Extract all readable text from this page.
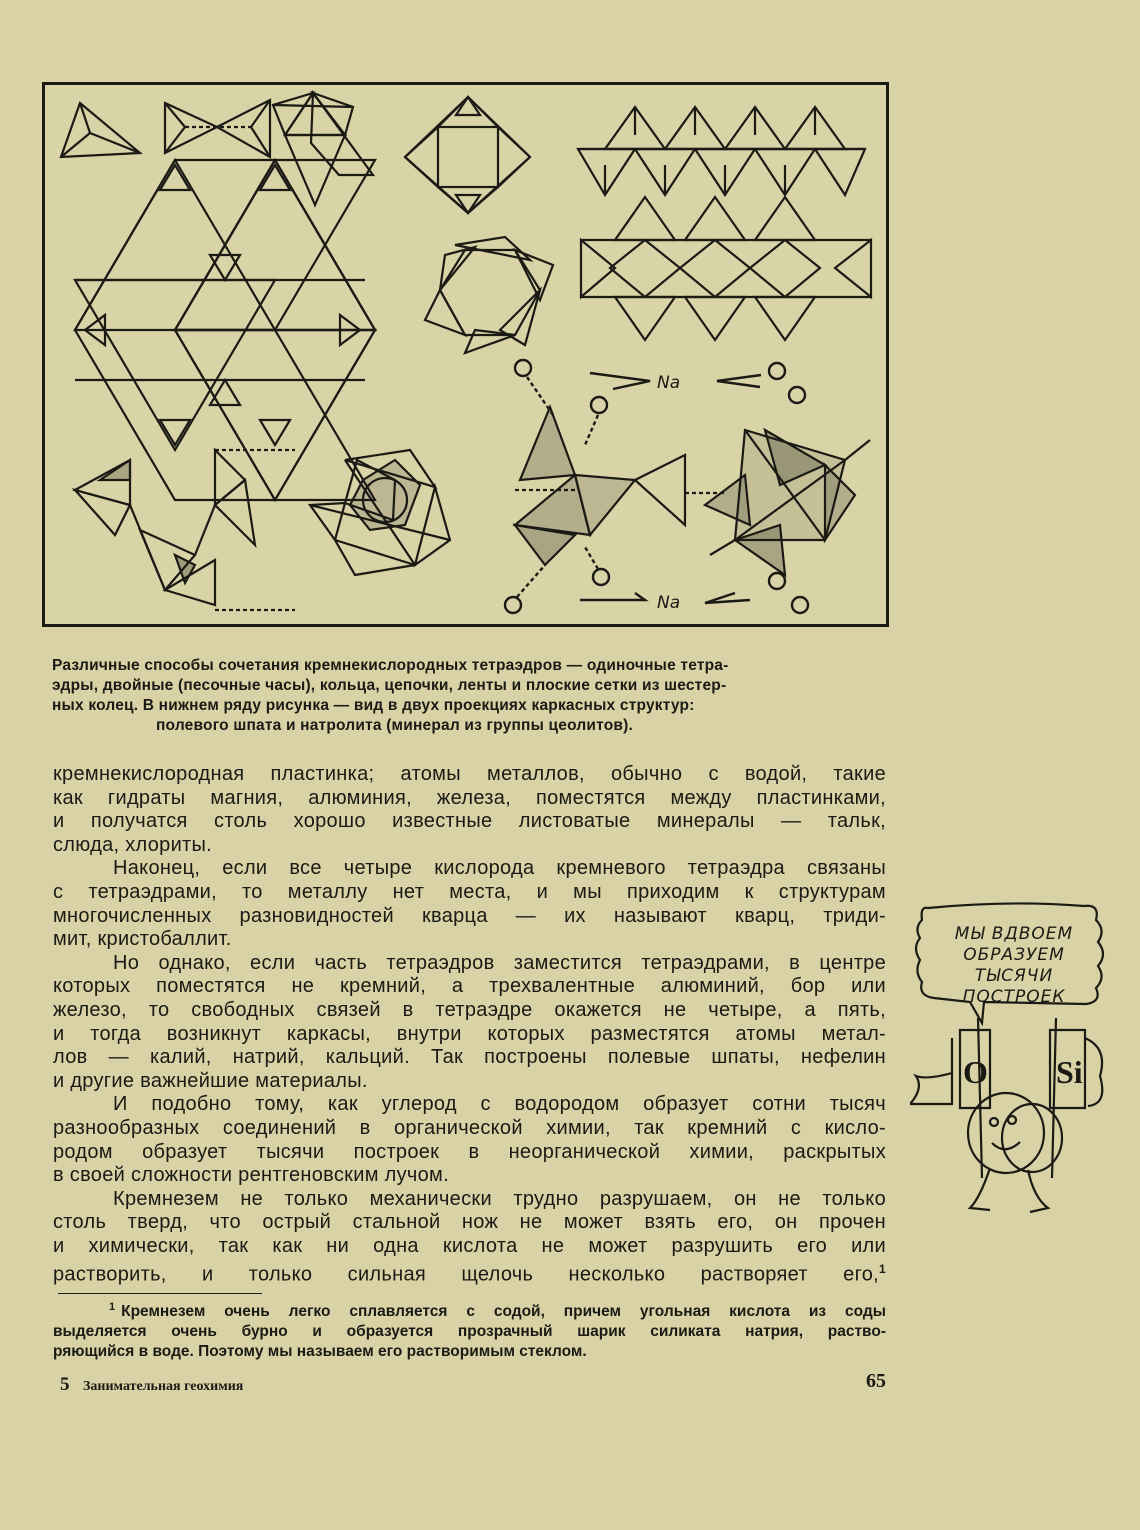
Na
Na
Различные способы сочетания кремнекислородных тетраэдров — одиночные тетра-
эдры, двойные (песочные часы), кольца, цепочки, ленты и плоские сетки из шестер-
ных колец. В нижнем ряду рисунка — вид в двух проекциях каркасных структур:
полевого шпата и натролита (минерал из группы цеолитов).
кремнекислородная пластинка; атомы металлов, обычно с водой, такие
как гидраты магния, алюминия, железа, поместятся между пластинками,
и получатся столь хорошо известные листоватые минералы — тальк,
слюда, хлориты.
Наконец, если все четыре кислорода кремневого тетраэдра связаны
с тетраэдрами, то металлу нет места, и мы приходим к структурам
многочисленных разновидностей кварца — их называют кварц, триди-
мит, кристобаллит.
Но однако, если часть тетраэдров заместится тетраэдрами, в центре
которых поместятся не кремний, а трехвалентные алюминий, бор или
железо, то свободных связей в тетраэдре окажется не четыре, а пять,
и тогда возникнут каркасы, внутри которых разместятся атомы метал-
лов — калий, натрий, кальций. Так построены полевые шпаты, нефелин
и другие важнейшие материалы.
И подобно тому, как углерод с водородом образует сотни тысяч
разнообразных соединений в органической химии, так кремний с кисло-
родом образует тысячи построек в неорганической химии, раскрытых
в своей сложности рентгеновским лучом.
Кремнезем не только механически трудно разрушаем, он не только
столь тверд, что острый стальной нож не может взять его, он прочен
и химически, так как ни одна кислота не может разрушить его или
растворить, и только сильная щелочь несколько растворяет его,$^1$
$^1$ Кремнезем очень легко сплавляется с содой, причем угольная кислота из соды
выделяется очень бурно и образуется прозрачный шарик силиката натрия, раство-
ряющийся в воде. Поэтому мы называем его растворимым стеклом.
5 Занимательная геохимия	65
МЫ ВДВОЕМ
ОБРАЗУЕМ
ТЫСЯЧИ
ПОСТРОЕК
O Si
